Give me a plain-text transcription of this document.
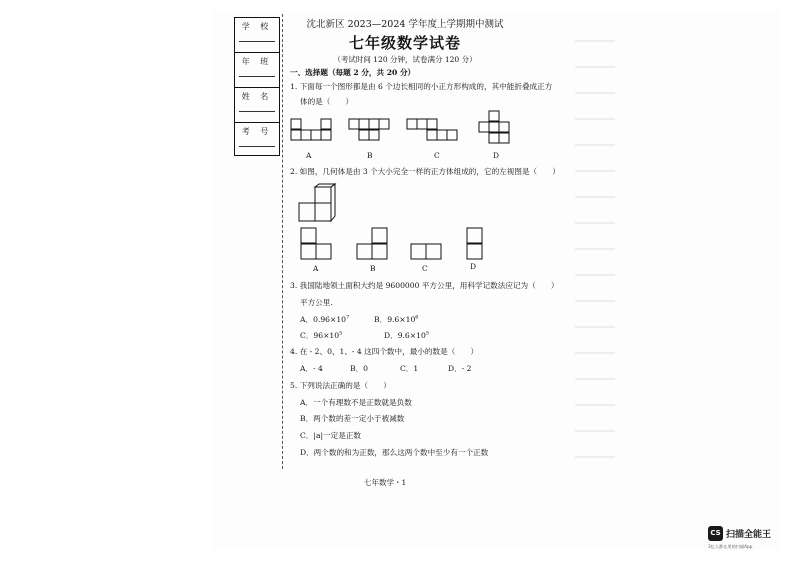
学 校
年 班
姓 名
考 号
沈北新区 2023—2024 学年度上学期期中测试
七年级数学试卷
（考试时间 120 分钟，试卷满分 120 分）
一、选择题（每题 2 分，共 20 分）
1. 下面每一个图形都是由 6 个边长相同的小正方形构成的，其中能折叠成正方
体的是（　　）
A	B	C	D
2. 如图，几何体是由 3 个大小完全一样的正方体组成的，它的左视图是（　　）
A	B	C	D
3. 我国陆地领土面积大约是 9600000 平方公里，用科学记数法应记为（　　）
平方公里.
A．$0.96\times 10^7$	B．$9.6\times 10^6$
C．$96\times 10^5$	D．$9.6\times 10^5$
4. 在 - 2、0、1、- 4 这四个数中，最小的数是（　　）
A．- 4	B．0	C．1	D．- 2
5. 下列说法正确的是（　　）
A．一个有理数不是正数就是负数
B．两个数的差一定小于被减数
C．|a|一定是正数
D．两个数的和为正数，那么这两个数中至少有一个正数
七年数学・1
CS 扫描全能王
3亿人都在用的扫描App
